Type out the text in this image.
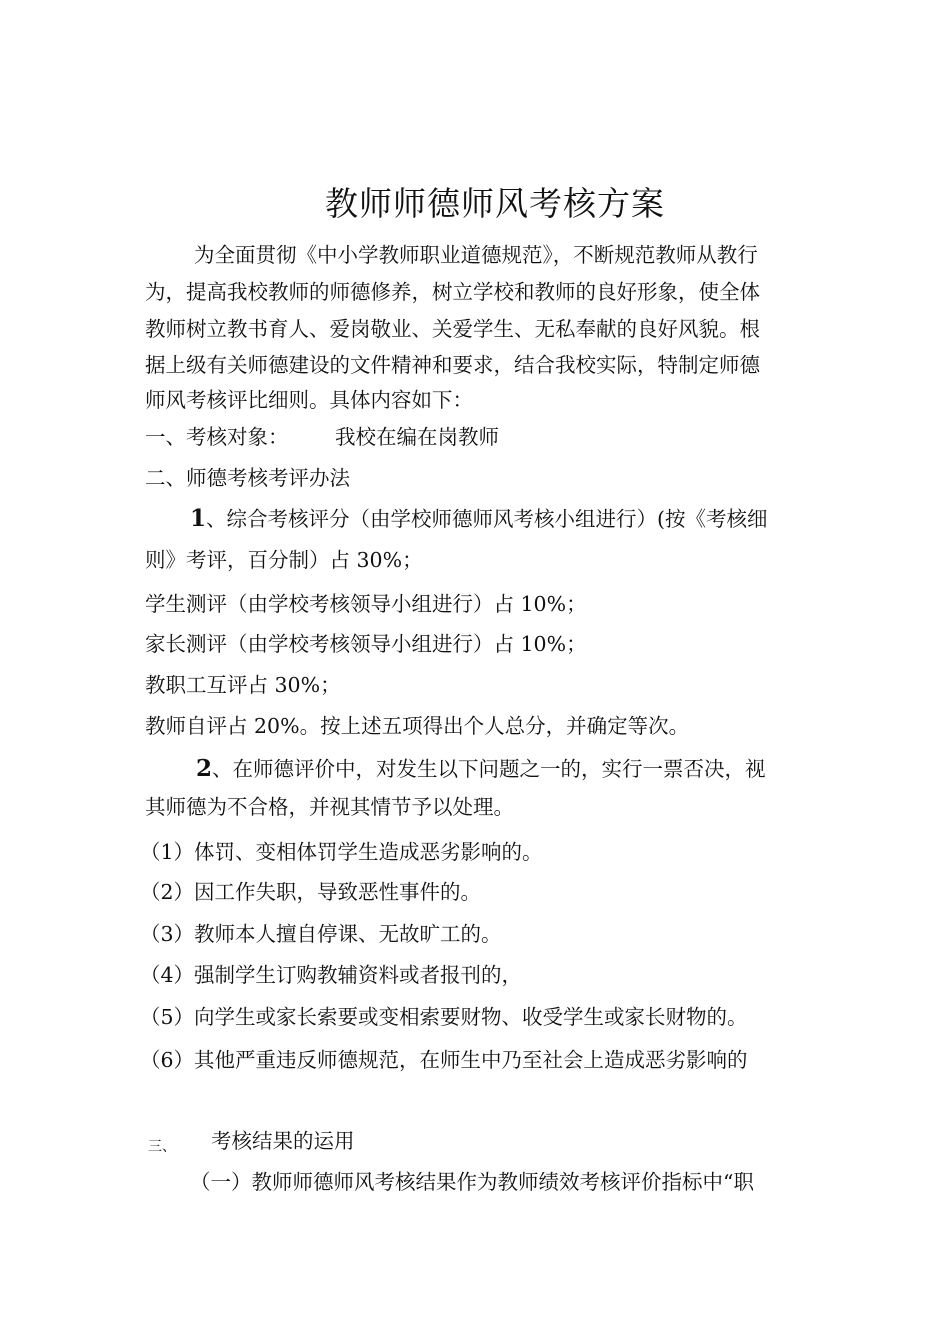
教师师德师风考核方案
为全面贯彻《中小学教师职业道德规范》，不断规范教师从教行
为，提高我校教师的师德修养，树立学校和教师的良好形象，使全体
教师树立教书育人、爱岗敬业、关爱学生、无私奉献的良好风貌。根
据上级有关师德建设的文件精神和要求，结合我校实际，特制定师德
师风考核评比细则。具体内容如下：
一、考核对象： 我校在编在岗教师
二、师德考核考评办法
1、综合考核评分（由学校师德师风考核小组进行）(按《考核细
则》考评，百分制）占 30%；
学生测评（由学校考核领导小组进行）占 10%；
家长测评（由学校考核领导小组进行）占 10%；
教职工互评占 30%；
教师自评占 20%。按上述五项得出个人总分，并确定等次。
2、在师德评价中，对发生以下问题之一的，实行一票否决，视
其师德为不合格，并视其情节予以处理。
（1）体罚、变相体罚学生造成恶劣影响的。
（2）因工作失职，导致恶性事件的。
（3）教师本人擅自停课、无故旷工的。
（4）强制学生订购教辅资料或者报刊的，
（5）向学生或家长索要或变相索要财物、收受学生或家长财物的。
（6）其他严重违反师德规范，在师生中乃至社会上造成恶劣影响的
三、 考核结果的运用
（一）教师师德师风考核结果作为教师绩效考核评价指标中“职
